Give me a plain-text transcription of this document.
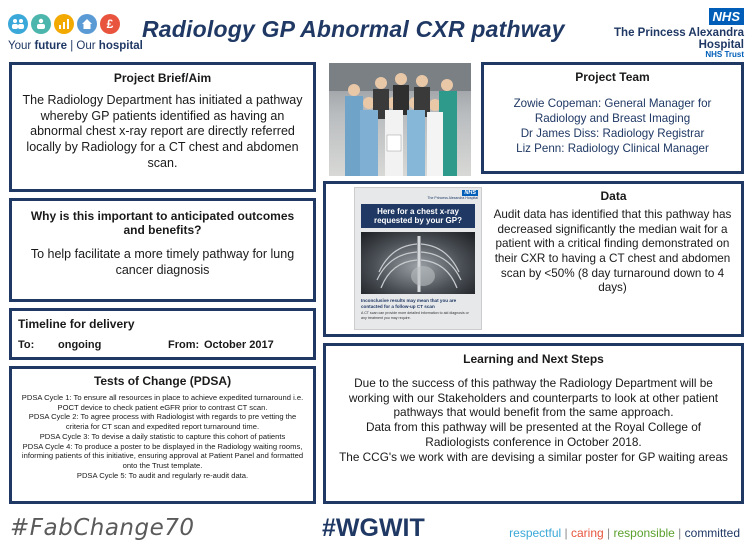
£
Your future | Our hospital
Radiology GP Abnormal CXR pathway	NHS
The Princess Alexandra
Hospital
NHS Trust
Project Brief/Aim
The Radiology Department has initiated a pathway whereby GP patients identified as having an abnormal chest x-ray report are directly referred locally by Radiology for a CT chest and abdomen scan.
Why is this important to anticipated outcomes and benefits?
To help facilitate a more timely pathway for lung cancer diagnosis
Timeline for delivery
To:	ongoing	From: October 2017
Tests of Change (PDSA)
PDSA Cycle 1: To ensure all resources in place to achieve expedited turnaround i.e. POCT device to check patient eGFR prior to contrast CT scan.
PDSA Cycle 2: To agree process with Radiologist with regards to pre vetting the criteria for CT scan and expedited report turnaround time.
PDSA Cycle 3: To devise a daily statistic to capture this cohort of patients
PDSA Cycle 4: To produce a poster to be displayed in the Radiology waiting rooms, informing patients of this initiative, ensuring approval at Patient Panel and formatted onto the Trust template.
PDSA Cycle 5: To audit and regularly re-audit data.
Project Team
Zowie Copeman: General Manager for Radiology and Breast Imaging
Dr James Diss: Radiology Registrar
Liz Penn: Radiology Clinical Manager
NHS
The Princess Alexandra Hospital
Here for a chest x-ray requested by your GP?
Inconclusive results may mean that you are contacted for a follow-up CT scan
A CT scan can provide more detailed information to aid diagnosis or any treatment you may require.
Data
Audit data has identified that this pathway has decreased significantly the median wait for a patient with a critical finding demonstrated on their CXR to having a CT chest and abdomen scan by <50% (8 day turnaround down to 4 days)
Learning and Next Steps
Due to the success of this pathway the Radiology Department will be working with our Stakeholders and counterparts to look at other patient pathways that would benefit from the same approach.
Data from this pathway will be presented at the Royal College of Radiologists conference in October 2018.
The CCG's we work with are devising a similar poster for GP waiting areas
#FabChange70	#WGWIT	respectful | caring | responsible | committed
